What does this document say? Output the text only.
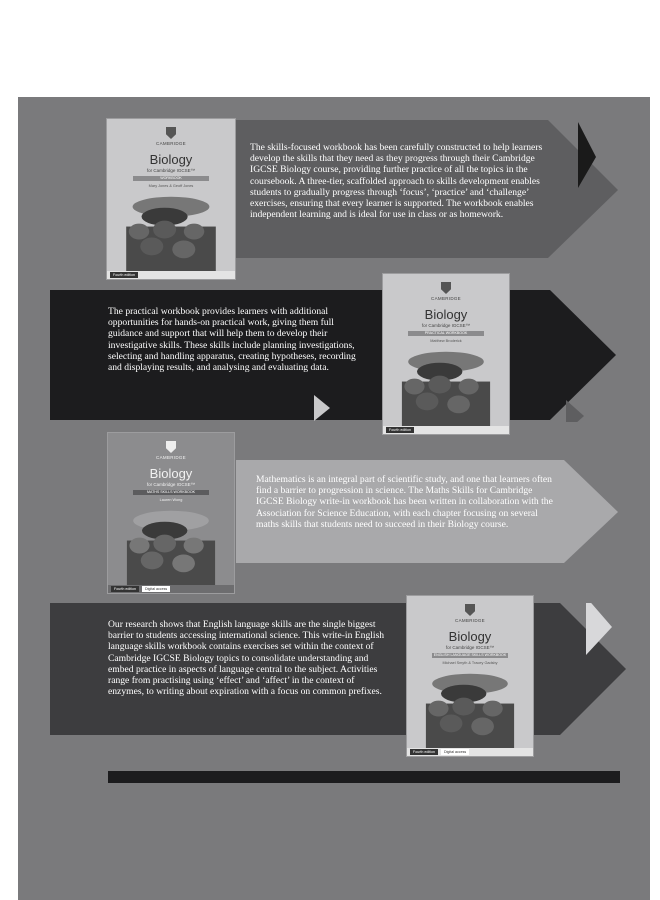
The skills-focused workbook has been carefully constructed to help learners develop the skills that they need as they progress through their Cambridge IGCSE Biology course, providing further practice of all the topics in the coursebook. A three-tier, scaffolded approach to skills development enables students to gradually progress through ‘focus’, ‘practice’ and ‘challenge’ exercises, ensuring that every learner is supported. The workbook enables independent learning and is ideal for use in class or as homework.
CAMBRIDGE
Biology
for Cambridge IGCSE™
WORKBOOK
Mary Jones & Geoff Jones
Fourth edition
The practical workbook provides learners with additional opportunities for hands-on practical work, giving them full guidance and support that will help them to develop their investigative skills. These skills include planning investigations, selecting and handling apparatus, creating hypotheses, recording and displaying results, and analysing and evaluating data.
CAMBRIDGE
Biology
for Cambridge IGCSE™
PRACTICAL WORKBOOK
Matthew Broderick
Fourth edition
Mathematics is an integral part of scientific study, and one that learners often find a barrier to progression in science. The Maths Skills for Cambridge IGCSE Biology write-in workbook has been written in collaboration with the Association for Science Education, with each chapter focusing on several maths skills that students need to succeed in their Biology course.
CAMBRIDGE
Biology
for Cambridge IGCSE™
MATHS SKILLS WORKBOOK
Lauren Wong
Fourth edition	Digital access
Our research shows that English language skills are the single biggest barrier to students accessing international science. This write-in English language skills workbook contains exercises set within the context of Cambridge IGCSE Biology topics to consolidate understanding and embed practice in aspects of language central to the subject. Activities range from practising using ‘effect’ and ‘affect’ in the context of enzymes, to writing about expiration with a focus on common prefixes.
CAMBRIDGE
Biology
for Cambridge IGCSE™
ENGLISH LANGUAGE SKILLS WORKBOOK
Michael Smyth & Tracey Gadsby
Fourth edition	Digital access
